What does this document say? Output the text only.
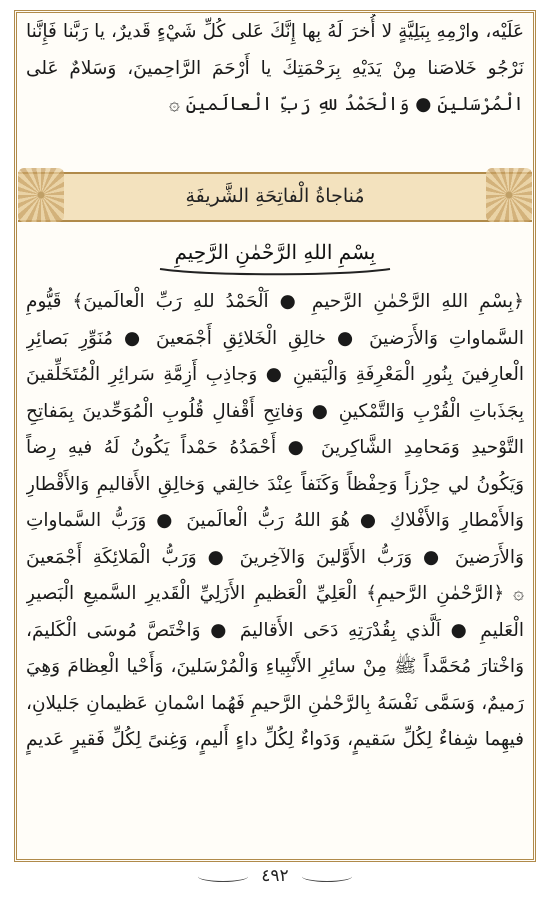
عَلَيْه، وارْمِهِ بِبَلِيَّةٍ لا أُخرَ لَهُ بِها إِنَّكَ عَلى كُلِّ شَيْءٍ قَديرٌ، يا رَبَّنا فَإِنَّنا
نَرْجُو خَلاصَنا مِنْ يَدَيْهِ بِرَحْمَتِكَ يا أَرْحَمَ الرَّاحِمينَ، وَسَلامٌ عَلى
الْمُرْسَلينَ ● وَالْحَمْدُ للهِ رَبِّ الْعالَمينَ ۞
مُناجاةُ الْفاتِحَةِ الشَّريفَةِ
بِسْمِ اللهِ الرَّحْمٰنِ الرَّحِيمِ
﴿بِسْمِ اللهِ الرَّحْمٰنِ الرَّحيمِ ● اَلْحَمْدُ للهِ رَبِّ الْعالَمينَ﴾ قَيُّومِ
السَّماواتِ وَالأَرَضينَ ● خالِقِ الْخَلائِقِ أَجْمَعينَ ● مُنَوِّرِ بَصائِرِ
الْعارِفينَ بِنُورِ الْمَعْرِفَةِ وَالْيَقينِ ● وَجاذِبِ أَزِمَّةِ سَرائِرِ الْمُتَخَلِّقينَ
بِجَذَباتِ الْقُرْبِ وَالتَّمْكينِ ● وَفاتِحِ أَقْفالِ قُلُوبِ الْمُوَحِّدينَ بِمَفاتِحِ
التَّوْحيدِ وَمَحامِدِ الشَّاكِرينَ ● أَحْمَدُهُ حَمْداً يَكُونُ لَهُ فيهِ رِضاً
وَيَكُونُ لي حِرْزاً وَحِفْظاً وَكَنَفاً عِنْدَ خالِقي وَخالِقِ الأَقاليمِ وَالأَقْطارِ
وَالأَمْطارِ وَالأَفْلاكِ ● هُوَ اللهُ رَبُّ الْعالَمينَ ● وَرَبُّ السَّماواتِ
وَالأَرَضينَ ● وَرَبُّ الأَوَّلينَ وَالآخِرينَ ● وَرَبُّ الْمَلائِكَةِ أَجْمَعينَ
۞ ﴿الرَّحْمٰنِ الرَّحيمِ﴾ الْعَلِيِّ الْعَظيمِ الأَزَلِيِّ الْقَديرِ السَّميعِ الْبَصيرِ
الْعَليمِ ● اَلَّذي بِقُدْرَتِهِ دَحَى الأَقاليمَ ● وَاخْتَصَّ مُوسَى الْكَليمَ،
وَاخْتارَ مُحَمَّداً ﷺ مِنْ سائِرِ الأَنْبِياءِ وَالْمُرْسَلينَ، وَأَحْيا الْعِظامَ وَهِيَ
رَميمٌ، وَسَمَّى نَفْسَهُ بِالرَّحْمٰنِ الرَّحيمِ فَهُما اسْمانِ عَظيمانِ جَليلانِ،
فيهِما شِفاءٌ لِكُلِّ سَقيمٍ، وَدَواءٌ لِكُلِّ داءٍ أَليمٍ، وَغِنىً لِكُلِّ فَقيرٍ عَديمٍ
٤٩٢
